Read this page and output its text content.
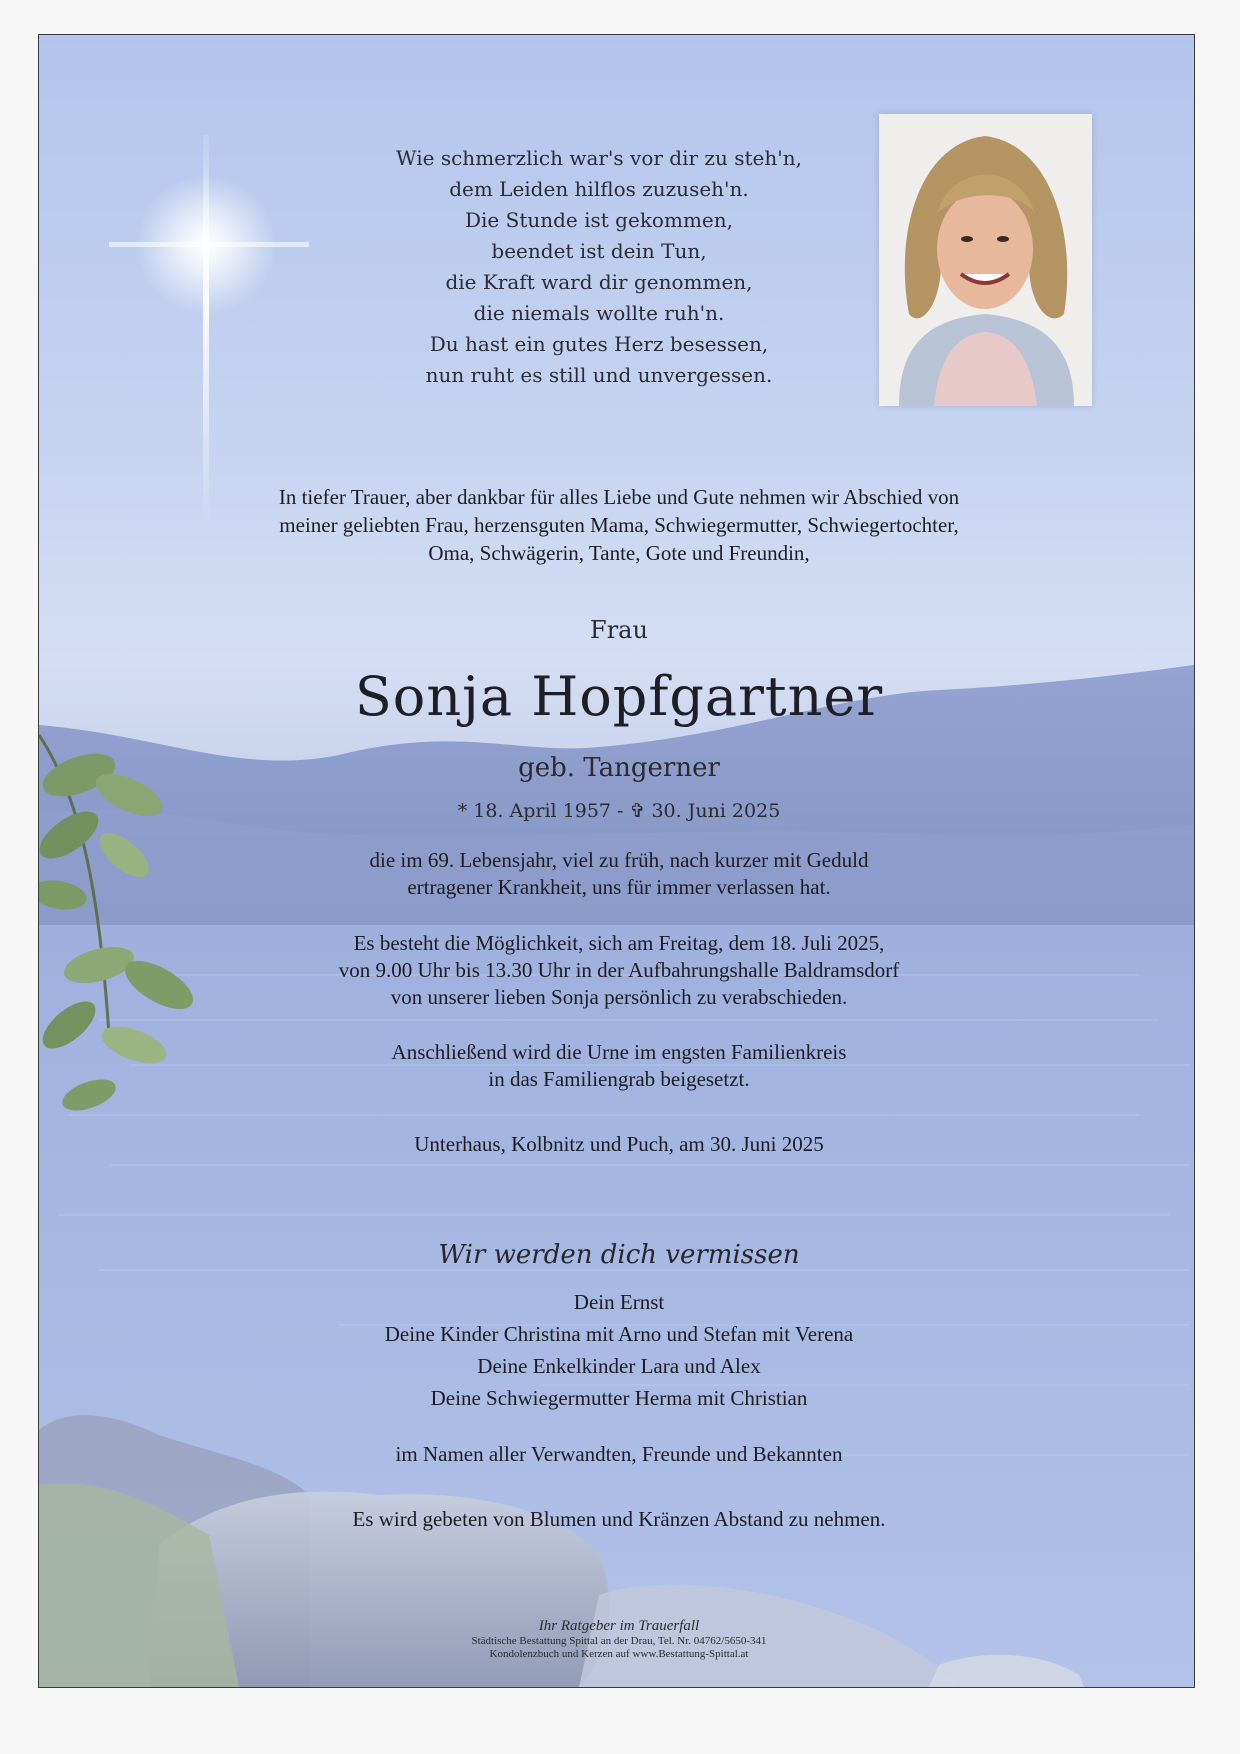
Wie schmerzlich war's vor dir zu steh'n,
dem Leiden hilflos zuzuseh'n.
Die Stunde ist gekommen,
beendet ist dein Tun,
die Kraft ward dir genommen,
die niemals wollte ruh'n.
Du hast ein gutes Herz besessen,
nun ruht es still und unvergessen.
In tiefer Trauer, aber dankbar für alles Liebe und Gute nehmen wir Abschied von
meiner geliebten Frau, herzensguten Mama, Schwiegermutter, Schwiegertochter,
Oma, Schwägerin, Tante, Gote und Freundin,
Frau
Sonja Hopfgartner
geb. Tangerner
* 18. April 1957 - ✞ 30. Juni 2025
die im 69. Lebensjahr, viel zu früh, nach kurzer mit Geduld
ertragener Krankheit, uns für immer verlassen hat.
Es besteht die Möglichkeit, sich am Freitag, dem 18. Juli 2025,
von 9.00 Uhr bis 13.30 Uhr in der Aufbahrungshalle Baldramsdorf
von unserer lieben Sonja persönlich zu verabschieden.
Anschließend wird die Urne im engsten Familienkreis
in das Familiengrab beigesetzt.
Unterhaus, Kolbnitz und Puch, am 30. Juni 2025
Wir werden dich vermissen
Dein Ernst
Deine Kinder Christina mit Arno und Stefan mit Verena
Deine Enkelkinder Lara und Alex
Deine Schwiegermutter Herma mit Christian
im Namen aller Verwandten, Freunde und Bekannten
Es wird gebeten von Blumen und Kränzen Abstand zu nehmen.
Ihr Ratgeber im Trauerfall
Städtische Bestattung Spittal an der Drau, Tel. Nr. 04762/5650-341
Kondolenzbuch und Kerzen auf www.Bestattung-Spittal.at
